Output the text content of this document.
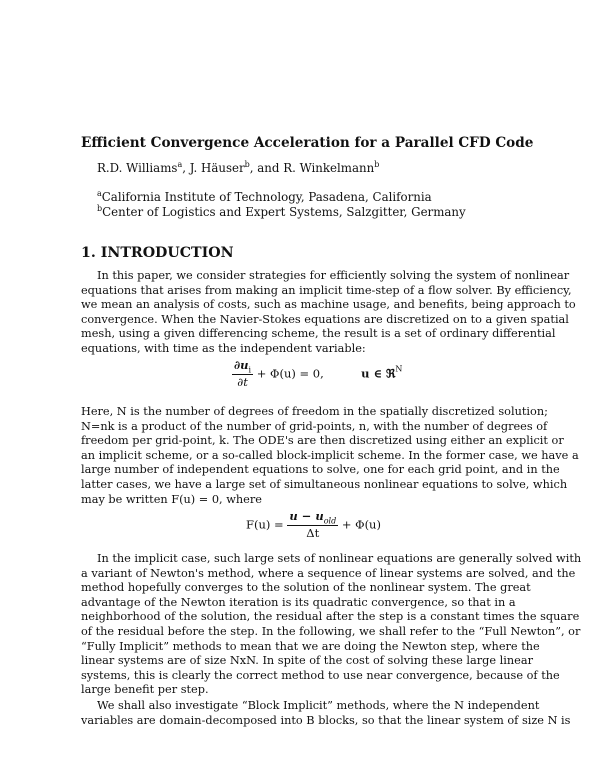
Efficient Convergence Acceleration for a Parallel CFD Code
R.D. Williams$^a$, J. Häuser$^b$, and R. Winkelmann$^b$
$^a$California Institute of Technology, Pasadena, California
$^b$Center of Logistics and Expert Systems, Salzgitter, Germany
1. INTRODUCTION
In this paper, we consider strategies for efficiently solving the system of nonlinear
equations that arises from making an implicit time-step of a flow solver. By efficiency,
we mean an analysis of costs, such as machine usage, and benefits, being approach to
convergence. When the Navier-Stokes equations are discretized on to a given spatial
mesh, using a given differencing scheme, the result is a set of ordinary differential
equations, with time as the independent variable:
$\frac{\partial u_i}{\partial t} + \Phi(u) = 0$,	u ∈ ℜ$^N$
Here, N is the number of degrees of freedom in the spatially discretized solution;
N=nk is a product of the number of grid-points, n, with the number of degrees of
freedom per grid-point, k. The ODE's are then discretized using either an explicit or
an implicit scheme, or a so-called block-implicit scheme. In the former case, we have a
large number of independent equations to solve, one for each grid point, and in the
latter cases, we have a large set of simultaneous nonlinear equations to solve, which
may be written F(u) = 0, where
$F(u) = \frac{u - u_{old}}{\Delta t} + \Phi(u)$
In the implicit case, such large sets of nonlinear equations are generally solved with
a variant of Newton's method, where a sequence of linear systems are solved, and the
method hopefully converges to the solution of the nonlinear system. The great
advantage of the Newton iteration is its quadratic convergence, so that in a
neighborhood of the solution, the residual after the step is a constant times the square
of the residual before the step. In the following, we shall refer to the “Full Newton”, or
“Fully Implicit” methods to mean that we are doing the Newton step, where the
linear systems are of size NxN. In spite of the cost of solving these large linear
systems, this is clearly the correct method to use near convergence, because of the
large benefit per step.
We shall also investigate “Block Implicit” methods, where the N independent
variables are domain-decomposed into B blocks, so that the linear system of size N is
